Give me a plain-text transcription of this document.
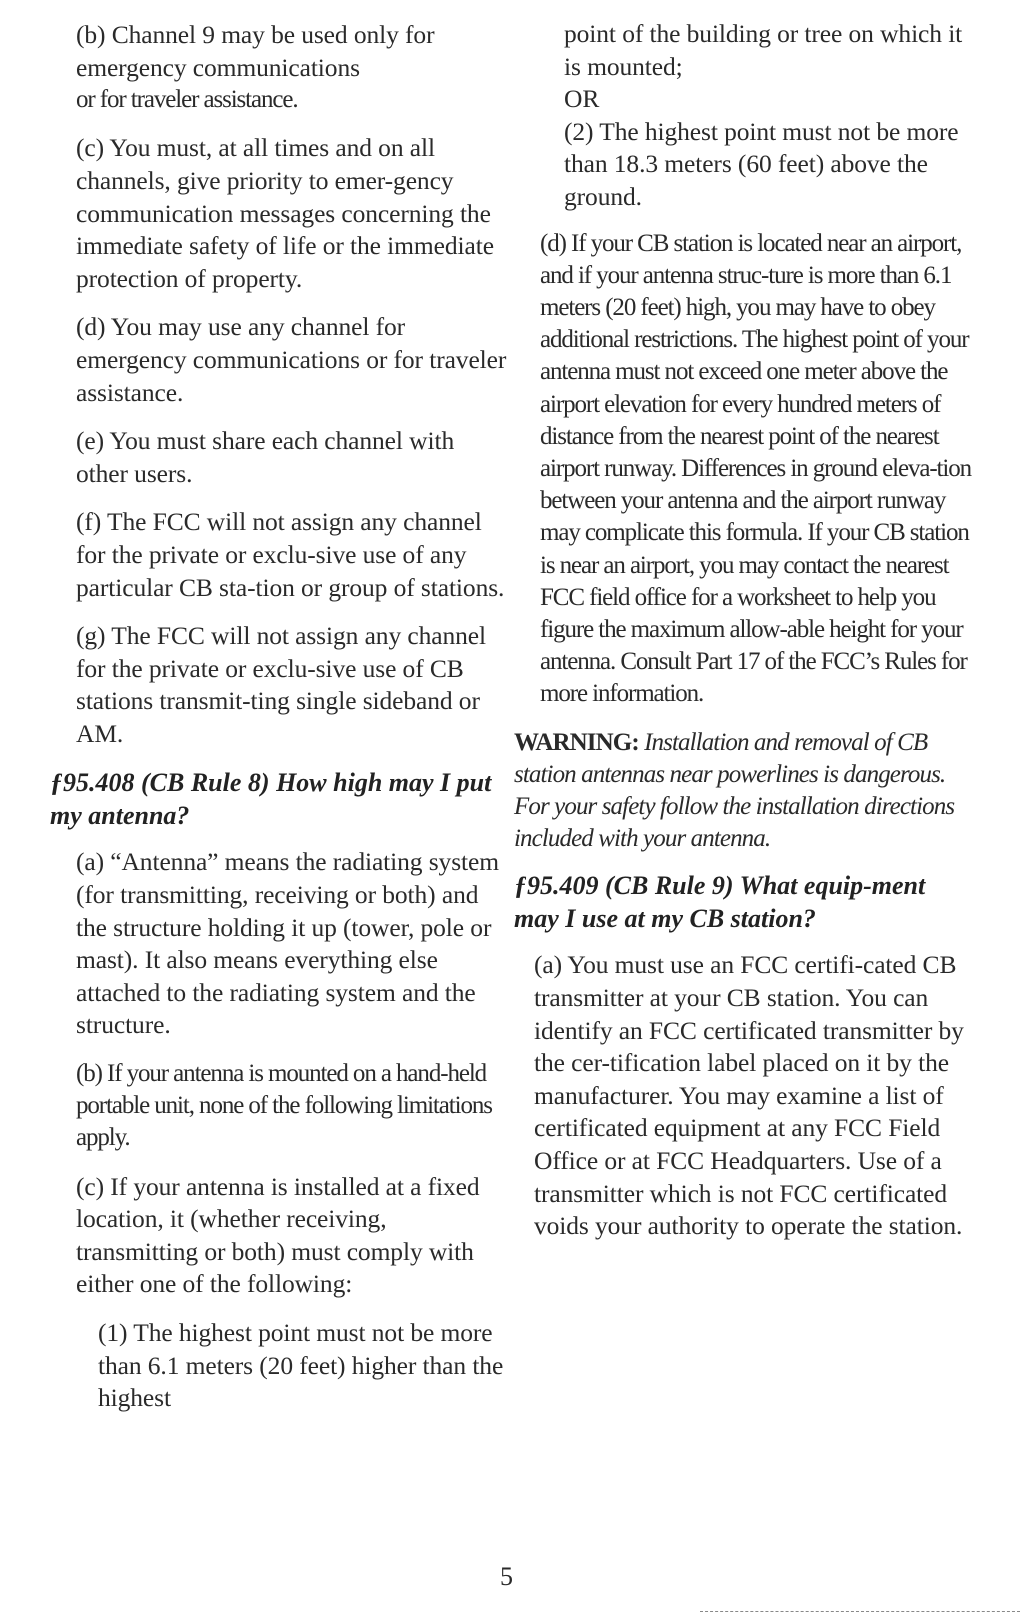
(b) Channel 9 may be used only for emergency communications

or for traveler assistance.

(c) You must, at all times and on all channels, give priority to emer-gency communication messages concerning the immediate safety of life or the immediate protection of property.

(d) You may use any channel for emergency communications or for traveler assistance.

(e) You must share each channel with other users.

(f) The FCC will not assign any channel for the private or exclu-sive use of any particular CB sta-tion or group of stations.

(g) The FCC will not assign any channel for the private or exclu-sive use of CB stations transmit-ting single sideband or AM.

ƒ95.408 (CB Rule 8) How high may I put my antenna?

(a) “Antenna” means the radiating system (for transmitting, receiving or both) and the structure holding it up (tower, pole or mast). It also means everything else attached to the radiating system and the structure.

(b) If your antenna is mounted on a hand-held portable unit, none of the following limitations apply.

(c) If your antenna is installed at a fixed location, it (whether receiving, transmitting or both) must comply with either one of the following:

(1) The highest point must not be more than 6.1 meters (20 feet) higher than the highest

point of the building or tree on which it is mounted;

OR

(2) The highest point must not be more than 18.3 meters (60 feet) above the ground.

(d) If your CB station is located near an airport, and if your antenna struc-ture is more than 6.1 meters (20 feet) high, you may have to obey additional restrictions. The highest point of your antenna must not exceed one meter above the airport elevation for every hundred meters of distance from the nearest point of the nearest airport runway. Differences in ground eleva-tion between your antenna and the airport runway may complicate this formula. If your CB station is near an airport, you may contact the nearest FCC field office for a worksheet to help you figure the maximum allow-able height for your antenna. Consult Part 17 of the FCC’s Rules for more information.

WARNING: Installation and removal of CB station antennas near powerlines is dangerous. For your safety follow the installation directions included with your antenna.

ƒ95.409 (CB Rule 9) What equip-ment may I use at my CB station?

(a) You must use an FCC certifi-cated CB transmitter at your CB station. You can identify an FCC certificated transmitter by the cer-tification label placed on it by the manufacturer. You may examine a list of certificated equipment at any FCC Field Office or at FCC Headquarters. Use of a transmitter which is not FCC certificated voids your authority to operate the station.

5
